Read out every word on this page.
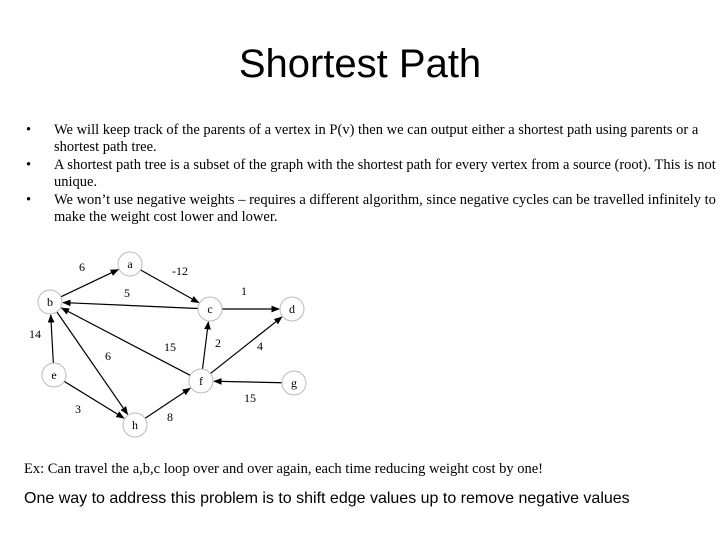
Shortest Path
• We will keep track of the parents of a vertex in P(v) then we can output either a shortest path using parents or a shortest path tree.
• A shortest path tree is a subset of the graph with the shortest path for every vertex from a source (root). This is not unique.
• We won’t use negative weights – requires a different algorithm, since negative cycles can be travelled infinitely to make the weight cost lower and lower.
6	-12
5	1
14
6
15	2	4
3
8
15
a
b	c	d
e	f	g
h
Ex: Can travel the a,b,c loop over and over again, each time reducing weight cost by one!
One way to address this problem is to shift edge values up to remove negative values
